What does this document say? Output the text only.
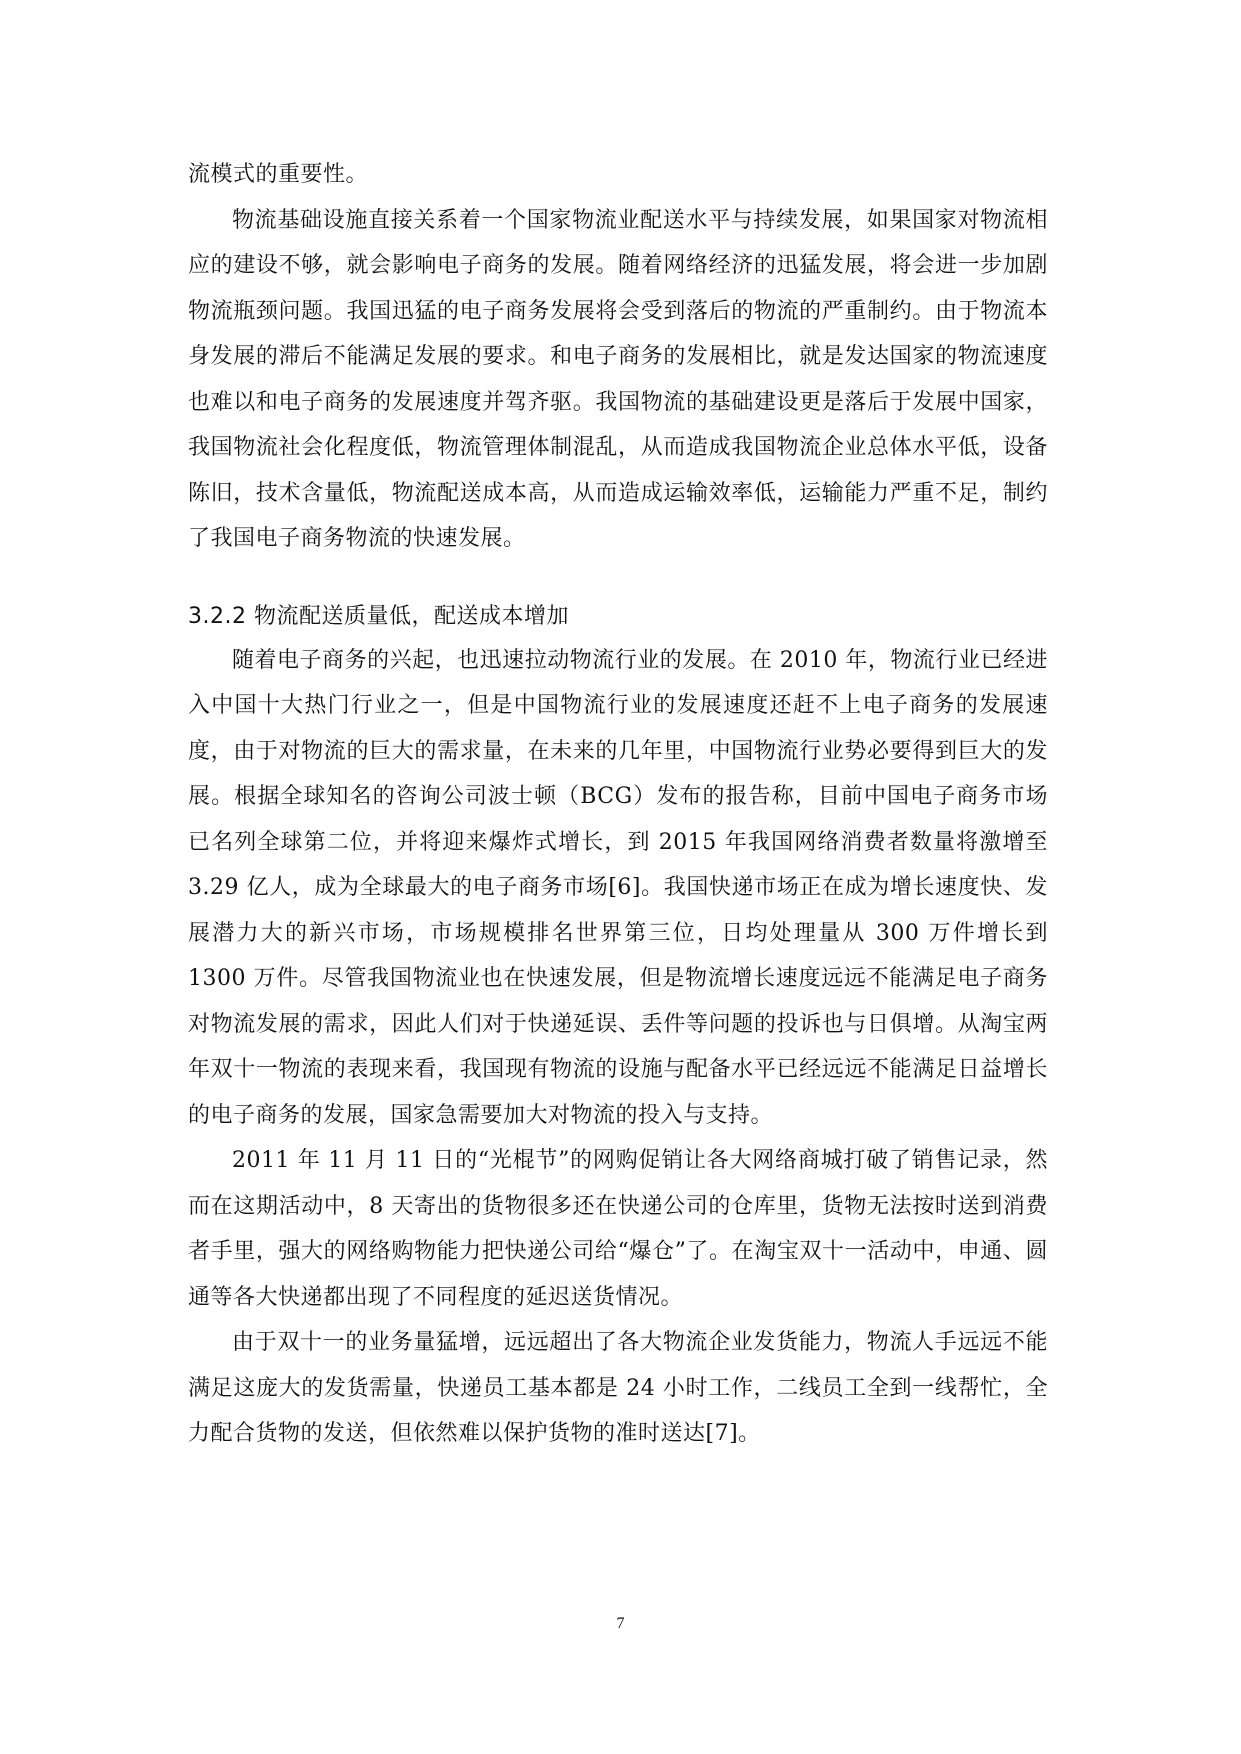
流模式的重要性。

物流基础设施直接关系着一个国家物流业配送水平与持续发展，如果国家对物流相应的建设不够，就会影响电子商务的发展。随着网络经济的迅猛发展，将会进一步加剧物流瓶颈问题。我国迅猛的电子商务发展将会受到落后的物流的严重制约。由于物流本身发展的滞后不能满足发展的要求。和电子商务的发展相比，就是发达国家的物流速度也难以和电子商务的发展速度并驾齐驱。我国物流的基础建设更是落后于发展中国家，我国物流社会化程度低，物流管理体制混乱，从而造成我国物流企业总体水平低，设备陈旧，技术含量低，物流配送成本高，从而造成运输效率低，运输能力严重不足，制约了我国电子商务物流的快速发展。

3.2.2 物流配送质量低，配送成本增加

随着电子商务的兴起，也迅速拉动物流行业的发展。在 2010 年，物流行业已经进入中国十大热门行业之一，但是中国物流行业的发展速度还赶不上电子商务的发展速度，由于对物流的巨大的需求量，在未来的几年里，中国物流行业势必要得到巨大的发展。根据全球知名的咨询公司波士顿（BCG）发布的报告称，目前中国电子商务市场已名列全球第二位，并将迎来爆炸式增长，到 2015 年我国网络消费者数量将激增至 3.29 亿人，成为全球最大的电子商务市场[6]。我国快递市场正在成为增长速度快、发展潜力大的新兴市场，市场规模排名世界第三位，日均处理量从 300 万件增长到 1300 万件。尽管我国物流业也在快速发展，但是物流增长速度远远不能满足电子商务对物流发展的需求，因此人们对于快递延误、丢件等问题的投诉也与日俱增。从淘宝两年双十一物流的表现来看，我国现有物流的设施与配备水平已经远远不能满足日益增长的电子商务的发展，国家急需要加大对物流的投入与支持。

2011 年 11 月 11 日的“光棍节”的网购促销让各大网络商城打破了销售记录，然而在这期活动中，8 天寄出的货物很多还在快递公司的仓库里，货物无法按时送到消费者手里，强大的网络购物能力把快递公司给“爆仓”了。在淘宝双十一活动中，申通、圆通等各大快递都出现了不同程度的延迟送货情况。

由于双十一的业务量猛增，远远超出了各大物流企业发货能力，物流人手远远不能满足这庞大的发货需量，快递员工基本都是 24 小时工作，二线员工全到一线帮忙，全力配合货物的发送，但依然难以保护货物的准时送达[7]。

7
